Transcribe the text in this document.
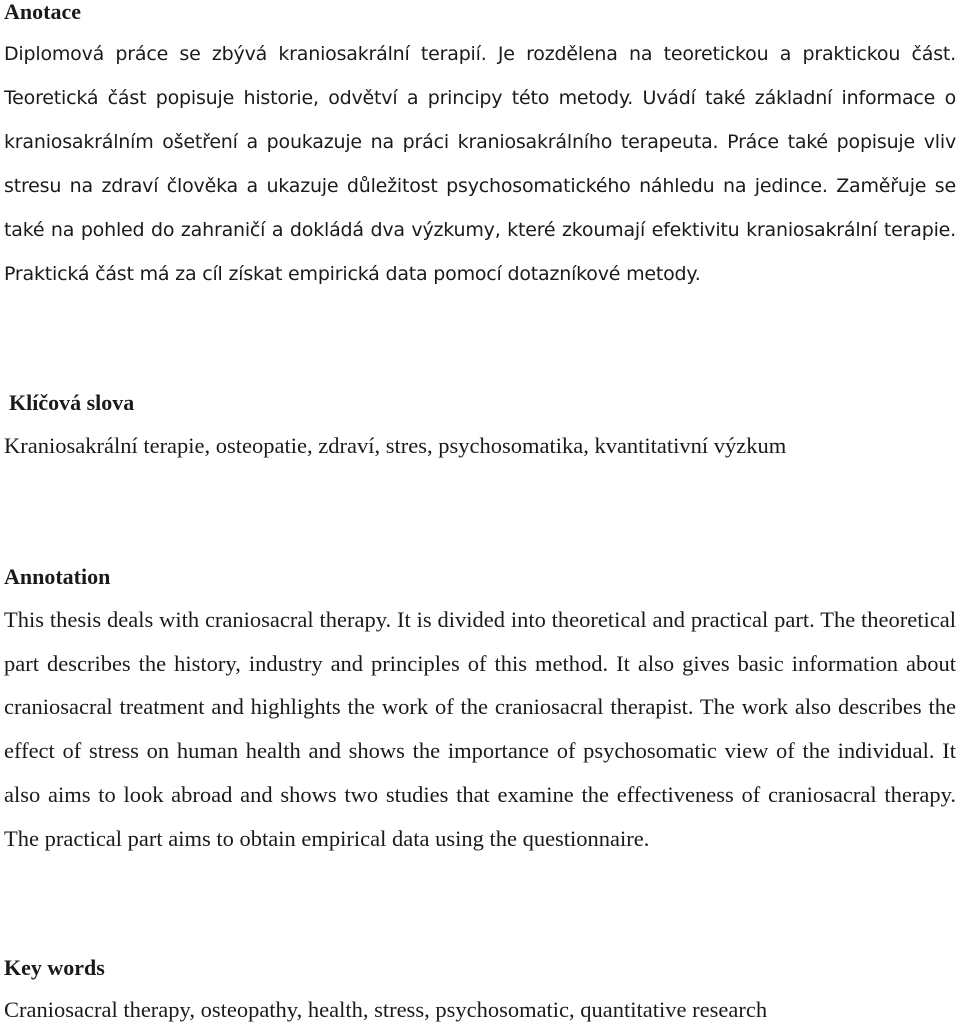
Anotace
Diplomová práce se zbývá kraniosakrální terapií. Je rozdělena na teoretickou a praktickou část. Teoretická část popisuje historie, odvětví a principy této metody. Uvádí také základní informace o kraniosakrálním ošetření a poukazuje na práci kraniosakrálního terapeuta. Práce také popisuje vliv stresu na zdraví člověka a ukazuje důležitost psychosomatického náhledu na jedince. Zaměřuje se také na pohled do zahraničí a dokládá dva výzkumy, které zkoumají efektivitu kraniosakrální terapie. Praktická část má za cíl získat empirická data pomocí dotazníkové metody.
Klíčová slova
Kraniosakrální terapie, osteopatie, zdraví, stres, psychosomatika, kvantitativní výzkum
Annotation
This thesis deals with craniosacral therapy. It is divided into theoretical and practical part. The theoretical part describes the history, industry and principles of this method. It also gives basic information about craniosacral treatment and highlights the work of the craniosacral therapist. The work also describes the effect of stress on human health and shows the importance of psychosomatic view of the individual. It also aims to look abroad and shows two studies that examine the effectiveness of craniosacral therapy. The practical part aims to obtain empirical data using the questionnaire.
Key words
Craniosacral therapy, osteopathy, health, stress, psychosomatic, quantitative research
